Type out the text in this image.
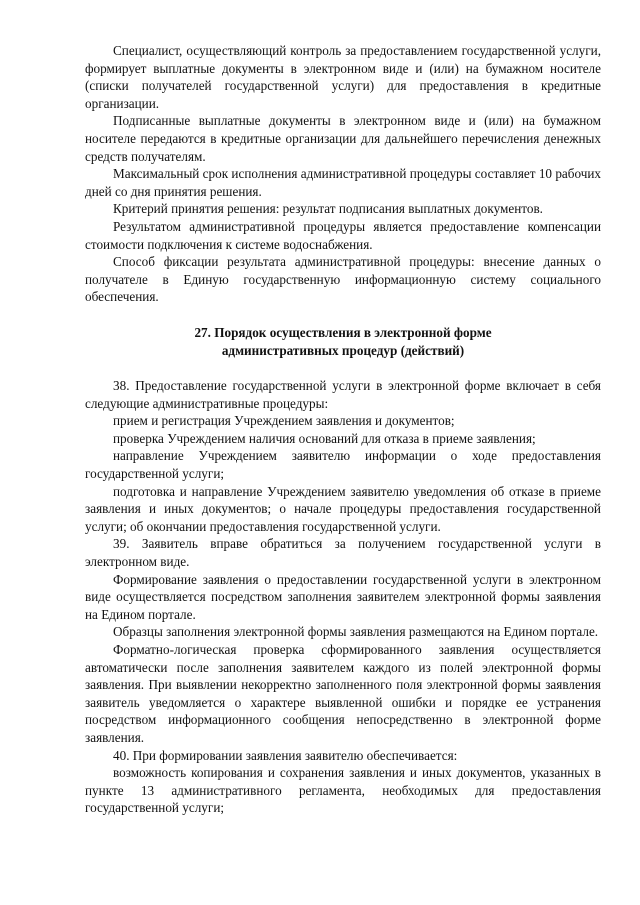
Специалист, осуществляющий контроль за предоставлением государственной услуги, формирует выплатные документы в электронном виде и (или) на бумажном носителе (списки получателей государственной услуги) для предоставления в кредитные организации.

Подписанные выплатные документы в электронном виде и (или) на бумажном носителе передаются в кредитные организации для дальнейшего перечисления денежных средств получателям.

Максимальный срок исполнения административной процедуры составляет 10 рабочих дней со дня принятия решения.

Критерий принятия решения: результат подписания выплатных документов.

Результатом административной процедуры является предоставление компенсации стоимости подключения к системе водоснабжения.

Способ фиксации результата административной процедуры: внесение данных о получателе в Единую государственную информационную систему социального обеспечения.

27. Порядок осуществления в электронной форме
административных процедур (действий)

38. Предоставление государственной услуги в электронной форме включает в себя следующие административные процедуры:

прием и регистрация Учреждением заявления и документов;

проверка Учреждением наличия оснований для отказа в приеме заявления;

направление Учреждением заявителю информации о ходе предоставления государственной услуги;

подготовка и направление Учреждением заявителю уведомления об отказе в приеме заявления и иных документов; о начале процедуры предоставления государственной услуги; об окончании предоставления государственной услуги.

39. Заявитель вправе обратиться за получением государственной услуги в электронном виде.

Формирование заявления о предоставлении государственной услуги в электронном виде осуществляется посредством заполнения заявителем электронной формы заявления на Едином портале.

Образцы заполнения электронной формы заявления размещаются на Едином портале.

Форматно-логическая проверка сформированного заявления осуществляется автоматически после заполнения заявителем каждого из полей электронной формы заявления. При выявлении некорректно заполненного поля электронной формы заявления заявитель уведомляется о характере выявленной ошибки и порядке ее устранения посредством информационного сообщения непосредственно в электронной форме заявления.

40. При формировании заявления заявителю обеспечивается:

возможность копирования и сохранения заявления и иных документов, указанных в пункте 13 административного регламента, необходимых для предоставления государственной услуги;
